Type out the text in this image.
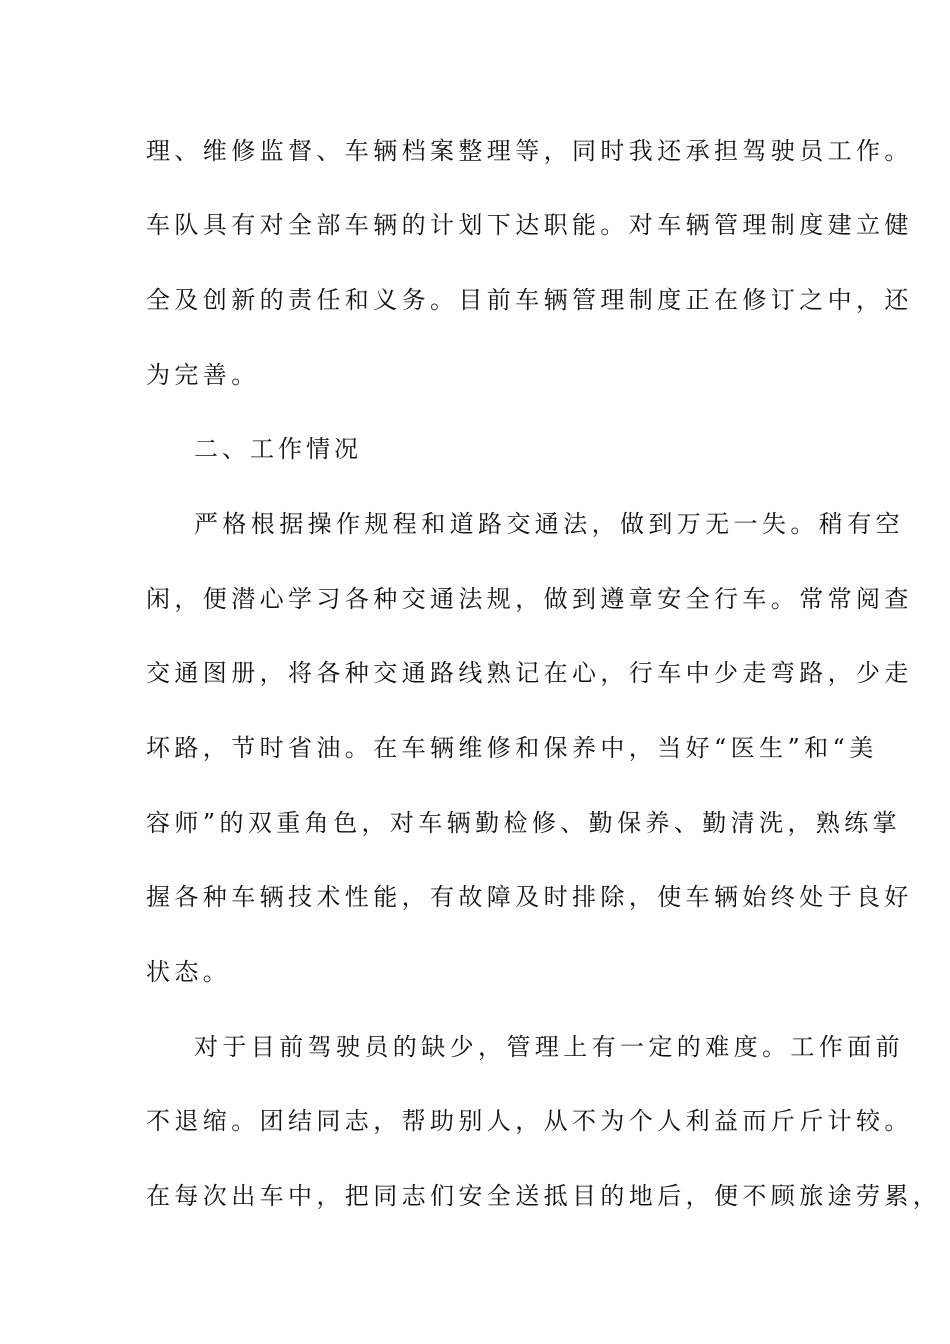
理、维修监督、车辆档案整理等，同时我还承担驾驶员工作。
车队具有对全部车辆的计划下达职能。对车辆管理制度建立健
全及创新的责任和义务。目前车辆管理制度正在修订之中，还
为完善。
二、工作情况
严格根据操作规程和道路交通法，做到万无一失。稍有空
闲，便潜心学习各种交通法规，做到遵章安全行车。常常阅查
交通图册，将各种交通路线熟记在心，行车中少走弯路，少走
坏路，节时省油。在车辆维修和保养中，当好“医生”和“美
容师”的双重角色，对车辆勤检修、勤保养、勤清洗，熟练掌
握各种车辆技术性能，有故障及时排除，使车辆始终处于良好
状态。
对于目前驾驶员的缺少，管理上有一定的难度。工作面前
不退缩。团结同志，帮助别人，从不为个人利益而斤斤计较。
在每次出车中，把同志们安全送抵目的地后，便不顾旅途劳累，
